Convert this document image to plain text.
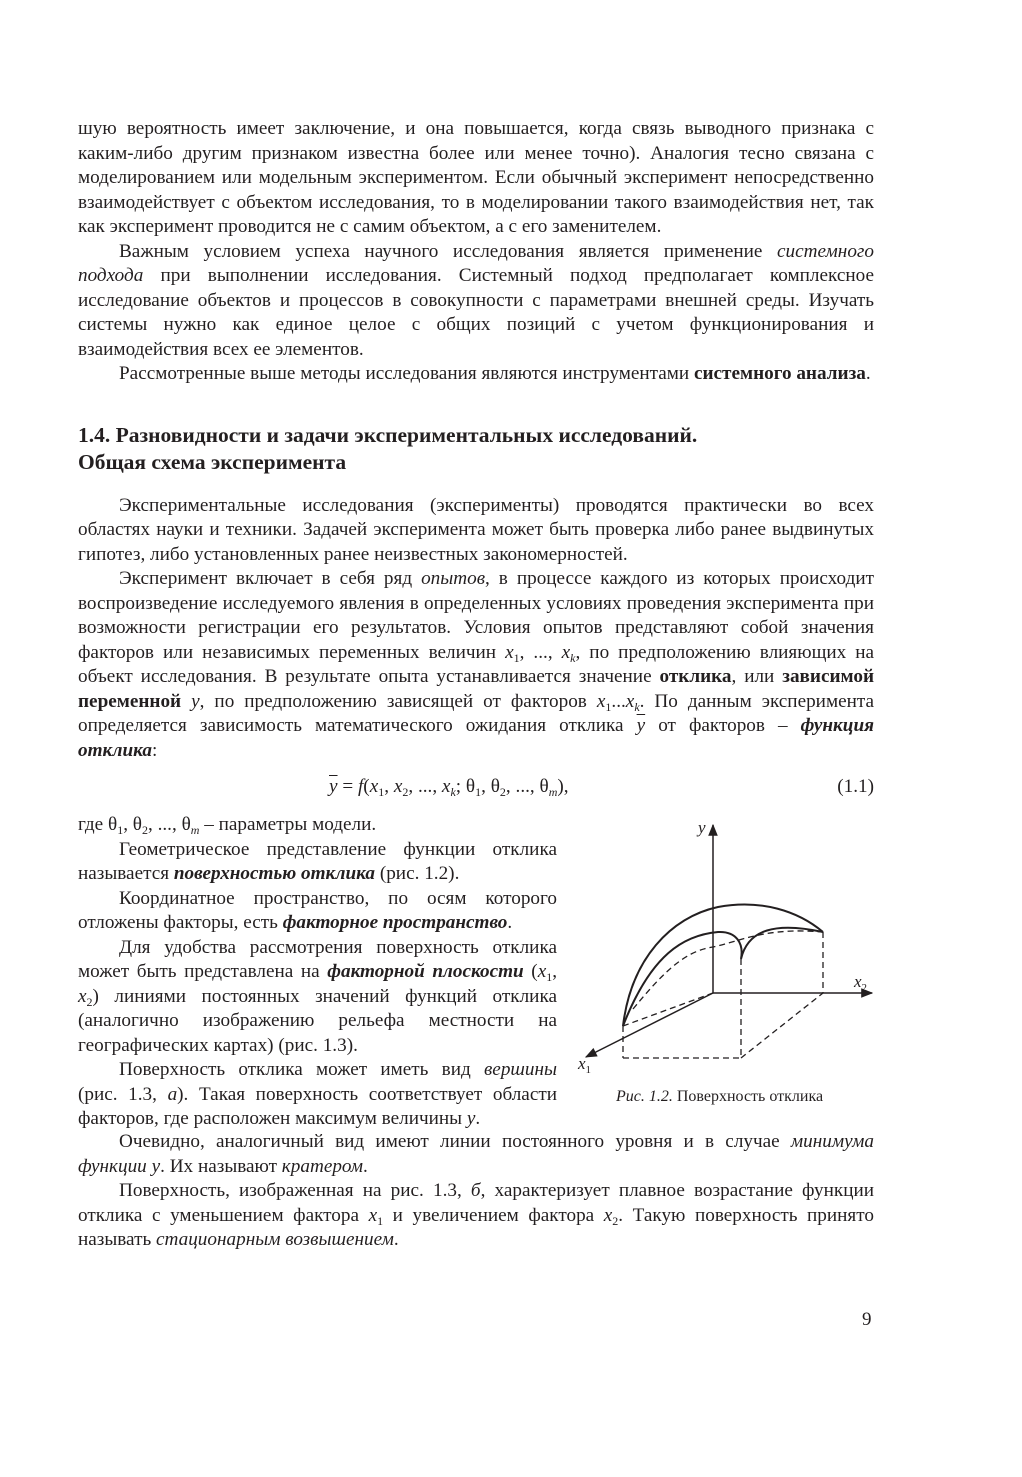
шую вероятность имеет заключение, и она повышается, когда связь выводного признака с каким-либо другим признаком известна более или менее точно). Аналогия тесно связана с моделированием или модельным экспериментом. Если обычный эксперимент непосредственно взаимодействует с объектом исследования, то в моделировании такого взаимодействия нет, так как эксперимент проводится не с самим объектом, а с его заменителем.

Важным условием успеха научного исследования является применение системного подхода при выполнении исследования. Системный подход предполагает комплексное исследование объектов и процессов в совокупности с параметрами внешней среды. Изучать системы нужно как единое целое с общих позиций с учетом функционирования и взаимодействия всех ее элементов.

Рассмотренные выше методы исследования являются инструментами системного анализа.

1.4. Разновидности и задачи экспериментальных исследований.
Общая схема эксперимента

Экспериментальные исследования (эксперименты) проводятся практически во всех областях науки и техники. Задачей эксперимента может быть проверка либо ранее выдвинутых гипотез, либо установленных ранее неизвестных закономерностей.

Эксперимент включает в себя ряд опытов, в процессе каждого из которых происходит воспроизведение исследуемого явления в определенных условиях проведения эксперимента при возможности регистрации его результатов. Условия опытов представляют собой значения факторов или независимых переменных величин $x_1$, ..., $x_k$, по предположению влияющих на объект исследования. В результате опыта устанавливается значение отклика, или зависимой переменной y, по предположению зависящей от факторов $x_1...x_k$. По данным эксперимента определяется зависимость математического ожидания отклика $\overline{y}$ от факторов – функция отклика:

$\overline{y} = f(x_1$, $x_2$, ..., $x_k$; $\theta_1$, $\theta_2$, ..., $\theta_m$),	(1.1)

где $\theta_1$, $\theta_2$, ..., $\theta_m$ – параметры модели.

Геометрическое представление функции отклика называется поверхностью отклика (рис. 1.2).

Координатное пространство, по осям которого отложены факторы, есть факторное пространство.

Для удобства рассмотрения поверхность отклика может быть представлена на факторной плоскости ($x_1$, $x_2$) линиями постоянных значений функций отклика (аналогично изображению рельефа местности на географических картах) (рис. 1.3).

Поверхность отклика может иметь вид вершины (рис. 1.3, а). Такая поверхность соответствует области факторов, где расположен максимум величины y.

y
$x_2$
$x_1$
Рис. 1.2. Поверхность отклика

Очевидно, аналогичный вид имеют линии постоянного уровня и в случае минимума функции y. Их называют кратером.

Поверхность, изображенная на рис. 1.3, б, характеризует плавное возрастание функции отклика с уменьшением фактора $x_1$ и увеличением фактора $x_2$. Такую поверхность принято называть стационарным возвышением.

9
